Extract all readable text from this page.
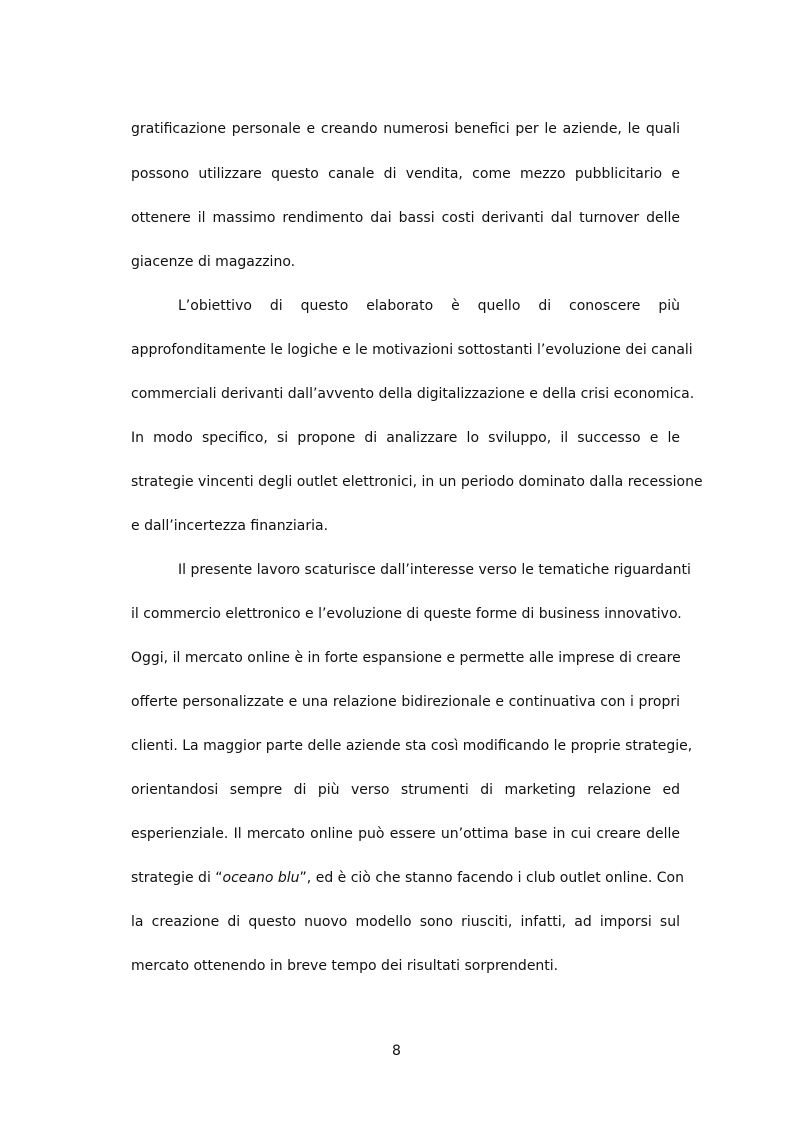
gratificazione personale e creando numerosi benefici per le aziende, le quali
possono utilizzare questo canale di vendita, come mezzo pubblicitario e
ottenere il massimo rendimento dai bassi costi derivanti dal turnover delle
giacenze di magazzino.
L’obiettivo di questo elaborato è quello di conoscere più
approfonditamente le logiche e le motivazioni sottostanti l’evoluzione dei canali
commerciali derivanti dall’avvento della digitalizzazione e della crisi economica.
In modo specifico, si propone di analizzare lo sviluppo, il successo e le
strategie vincenti degli outlet elettronici, in un periodo dominato dalla recessione
e dall’incertezza finanziaria.
Il presente lavoro scaturisce dall’interesse verso le tematiche riguardanti
il commercio elettronico e l’evoluzione di queste forme di business innovativo.
Oggi, il mercato online è in forte espansione e permette alle imprese di creare
offerte personalizzate e una relazione bidirezionale e continuativa con i propri
clienti. La maggior parte delle aziende sta così modificando le proprie strategie,
orientandosi sempre di più verso strumenti di marketing relazione ed
esperienziale. Il mercato online può essere un’ottima base in cui creare delle
strategie di “oceano blu”, ed è ciò che stanno facendo i club outlet online. Con
la creazione di questo nuovo modello sono riusciti, infatti, ad imporsi sul
mercato ottenendo in breve tempo dei risultati sorprendenti.
8
